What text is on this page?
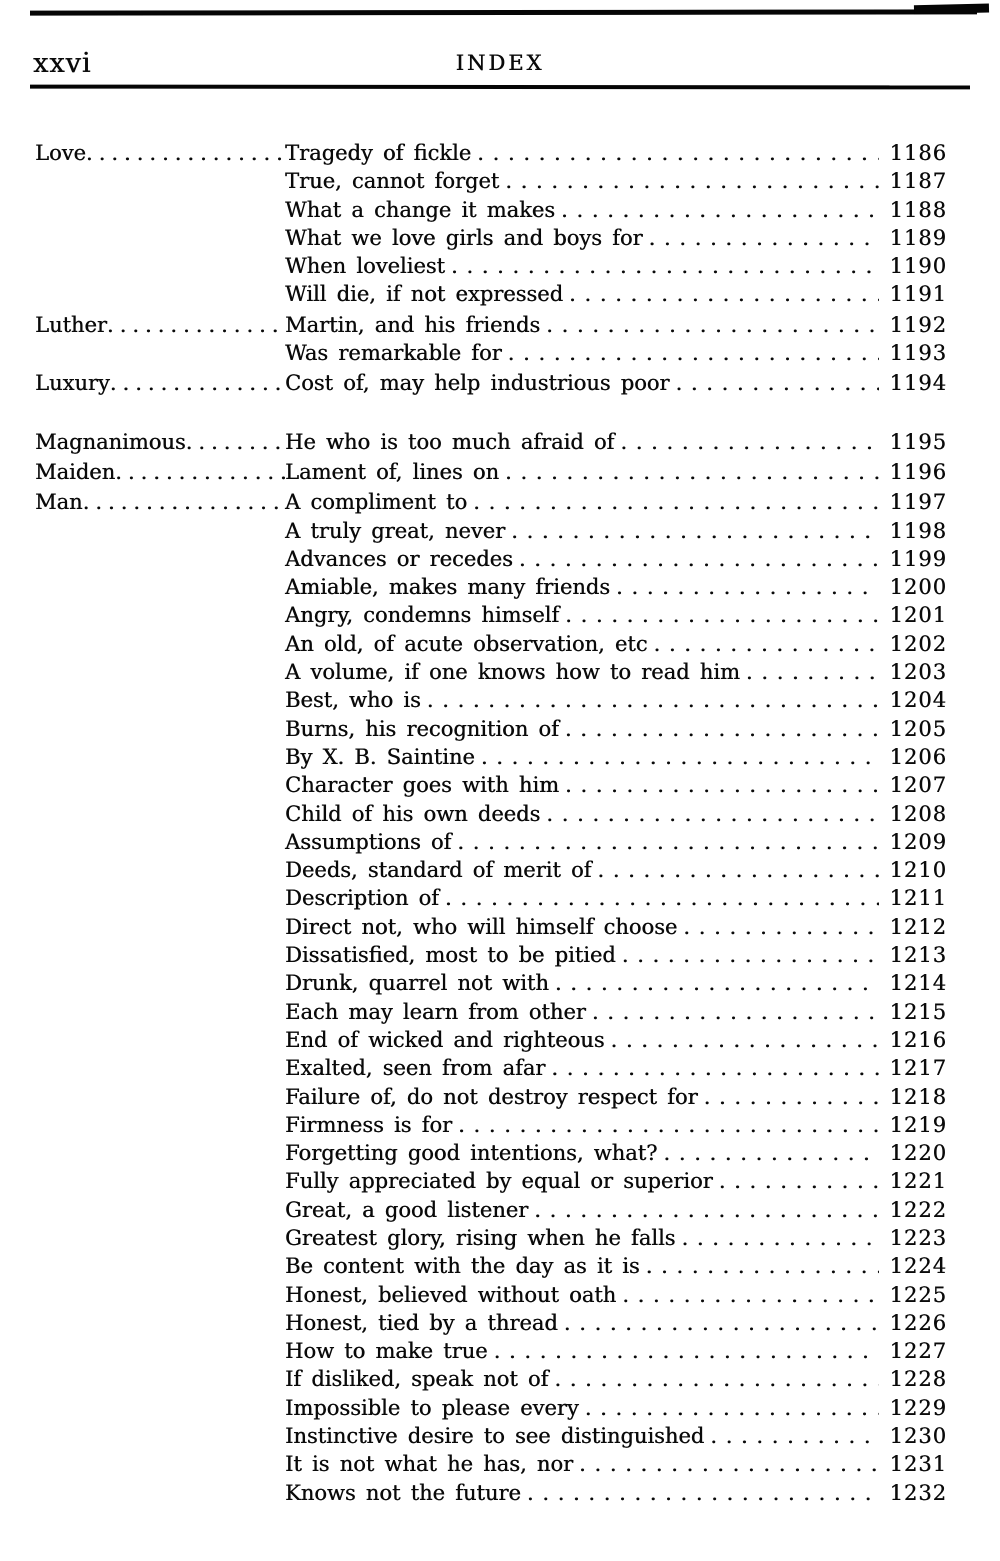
xxvi	INDEX
Love .....	Tragedy of fickle . . .	1186
True, cannot forget . . .	1187
What a change it makes . . .	1188
What we love girls and boys for . . .	1189
When loveliest . . .	1190
Will die, if not expressed . . .	1191
Luther .....	Martin, and his friends . . .	1192
Was remarkable for . . .	1193
Luxury .....	Cost of, may help industrious poor . . .	1194
Magnanimous .....	He who is too much afraid of . . .	1195
Maiden .....	Lament of, lines on . . .	1196
Man .....	A compliment to . . .	1197
A truly great, never . . .	1198
Advances or recedes . . .	1199
Amiable, makes many friends . . .	1200
Angry, condemns himself . . .	1201
An old, of acute observation, etc . . .	1202
A volume, if one knows how to read him . . .	1203
Best, who is . . .	1204
Burns, his recognition of . . .	1205
By X. B. Saintine . . .	1206
Character goes with him . . .	1207
Child of his own deeds . . .	1208
Assumptions of . . .	1209
Deeds, standard of merit of . . .	1210
Description of . . .	1211
Direct not, who will himself choose . . .	1212
Dissatisfied, most to be pitied . . .	1213
Drunk, quarrel not with . . .	1214
Each may learn from other . . .	1215
End of wicked and righteous . . .	1216
Exalted, seen from afar . . .	1217
Failure of, do not destroy respect for . . .	1218
Firmness is for . . .	1219
Forgetting good intentions, what? . . .	1220
Fully appreciated by equal or superior . . .	1221
Great, a good listener . . .	1222
Greatest glory, rising when he falls . . .	1223
Be content with the day as it is . . .	1224
Honest, believed without oath . . .	1225
Honest, tied by a thread . . .	1226
How to make true . . .	1227
If disliked, speak not of . . .	1228
Impossible to please every . . .	1229
Instinctive desire to see distinguished . . .	1230
It is not what he has, nor . . .	1231
Knows not the future . . .	1232
